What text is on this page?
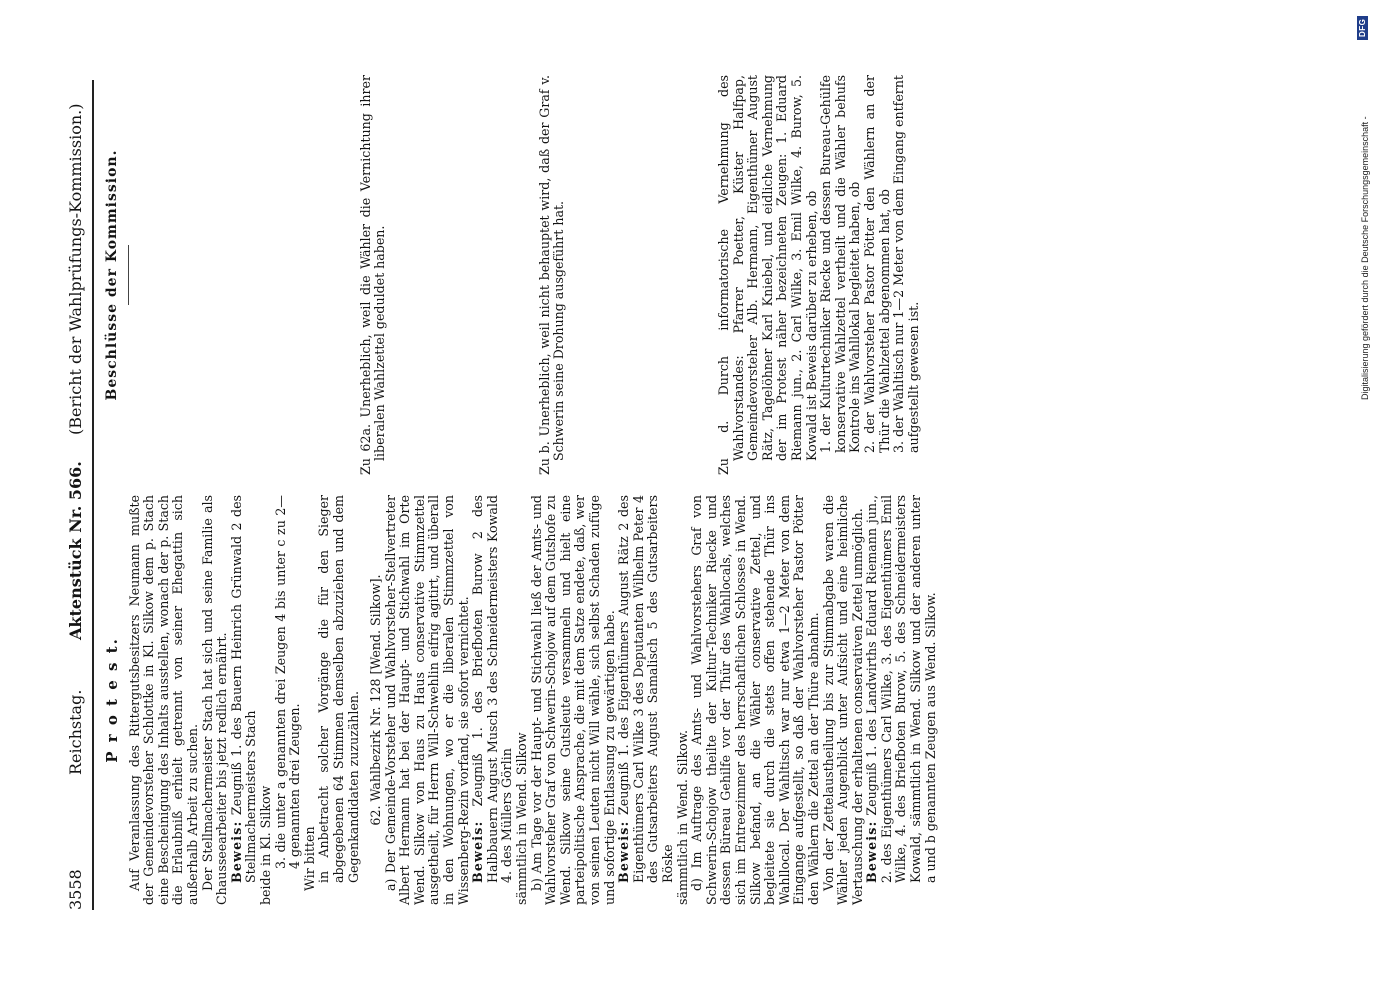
3558
Reichstag.
Aktenstück Nr. 566.
(Bericht der Wahlprüfungs-Kommission.)

P r o t e s t. Auf Veranlassung des Rittergutsbesitzers Neumann mußte der Gemeindevorsteher Schlottke in Kl. Silkow dem p. Stach eine Bescheinigung des Inhalts ausstellen, wonach der p. Stach die Erlaubniß erhielt getrennt von seiner Ehegattin sich außerhalb Arbeit zu suchen. Der Stellmachermeister Stach hat sich und seine Familie als Chausseearbeiter bis jetzt redlich ernährt. Beweis: Zeugniß 1. des Bauern Heinrich Grünwald 2 des Stellmachermeisters Stach beide in Kl. Silkow 3. die unter a genannten drei Zeugen 4 bis unter c zu 2—4 genannten drei Zeugen. Wir bitten in Anbetracht solcher Vorgänge die für den Sieger abgegebenen 64 Stimmen demselben abzuziehen und dem Gegenkandidaten zuzuzählen. 62. Wahlbezirk Nr. 128 [Wend. Silkow]. a) Der Gemeinde-Vorsteher und Wahlvorsteher-Stellvertreter Albert Hermann hat bei der Haupt- und Stichwahl im Orte Wend. Silkow von Haus zu Haus conservative Stimmzettel ausgetheilt, für Herrn Will-Schwehlin eifrig agitirt, und überall in den Wohnungen, wo er die liberalen Stimmzettel von Wissenberg-Rezin vorfand, sie sofort vernichtet. Beweis: Zeugniß 1. des Briefboten Burow 2 des Halbbauern August Musch 3 des Schneidermeisters Kowald 4. des Müllers Görlin sämmtlich in Wend. Silkow b) Am Tage vor der Haupt- und Stichwahl ließ der Amts- und Wahlvorsteher Graf von Schwerin-Schojow auf dem Gutshofe zu Wend. Silkow seine Gutsleute versammeln und hielt eine parteipolitische Ansprache, die mit dem Satze endete, daß, wer von seinen Leuten nicht Will wähle, sich selbst Schaden zufüge und sofortige Entlassung zu gewärtigen habe. Beweis: Zeugniß 1. des Eigenthümers August Rätz 2 des Eigenthümers Carl Wilke 3 des Deputanten Wilhelm Peter 4 des Gutsarbeiters August Samalisch 5 des Gutsarbeiters Röske sämmtlich in Wend. Silkow. d) Im Auftrage des Amts- und Wahlvorstehers Graf von Schwerin-Schojow theilte der Kultur-Techniker Riecke und dessen Büreau Gehilfe vor der Thür des Wahllocals, welches sich im Entreezimmer des herrschaftlichen Schlosses in Wend. Silkow befand, an die Wähler conservative Zettel, und begleitete sie durch die stets offen stehende Thür ins Wahllocal. Der Wahltisch war nur etwa 1—2 Meter von dem Eingange aufgestellt, so daß der Wahlvorsteher Pastor Pötter den Wählern die Zettel an der Thüre abnahm. Von der Zettelaustheilung bis zur Stimmabgabe waren die Wähler jeden Augenblick unter Aufsicht und eine heimliche Vertauschung der erhaltenen conservativen Zettel unmöglich. Beweis: Zeugniß 1. des Landwirths Eduard Riemann jun., 2. des Eigenthümers Carl Wilke, 3. des Eigenthümers Emil Wilke, 4. des Briefboten Burow, 5. des Schneidermeisters Kowald, sämmtlich in Wend. Silkow und der anderen unter a und b genannten Zeugen aus Wend. Silkow.

Beschlüsse der Kommission.	Zu 62a. Unerheblich, weil die Wähler die Vernichtung ihrer liberalen Wahlzettel geduldet haben.	Zu b. Unerheblich, weil nicht behauptet wird, daß der Graf v. Schwerin seine Drohung ausgeführt hat.	Zu d. Durch informatorische Vernehmung des Wahlvorstandes: Pfarrer Poetter, Küster Halfpap, Gemeindevorsteher Alb. Hermann, Eigenthümer August Rätz, Tagelöhner Karl Kniebel, und eidliche Vernehmung der im Protest näher bezeichneten Zeugen: 1. Eduard Riemann jun., 2. Carl Wilke, 3. Emil Wilke, 4. Burow, 5. Kowald ist Beweis darüber zu erheben, ob 1. der Kulturtechniker Riecke und dessen Bureau-Gehülfe konservative Wahlzettel vertheilt und die Wähler behufs Kontrole ins Wahllokal begleitet haben, ob 2. der Wahlvorsteher Pastor Pötter den Wählern an der Thür die Wahlzettel abgenommen hat, ob 3. der Wahltisch nur 1—2 Meter von dem Eingang entfernt aufgestellt gewesen ist.	Digitalisierung gefördert durch die Deutsche Forschungsgemeinschaft -
DFG
